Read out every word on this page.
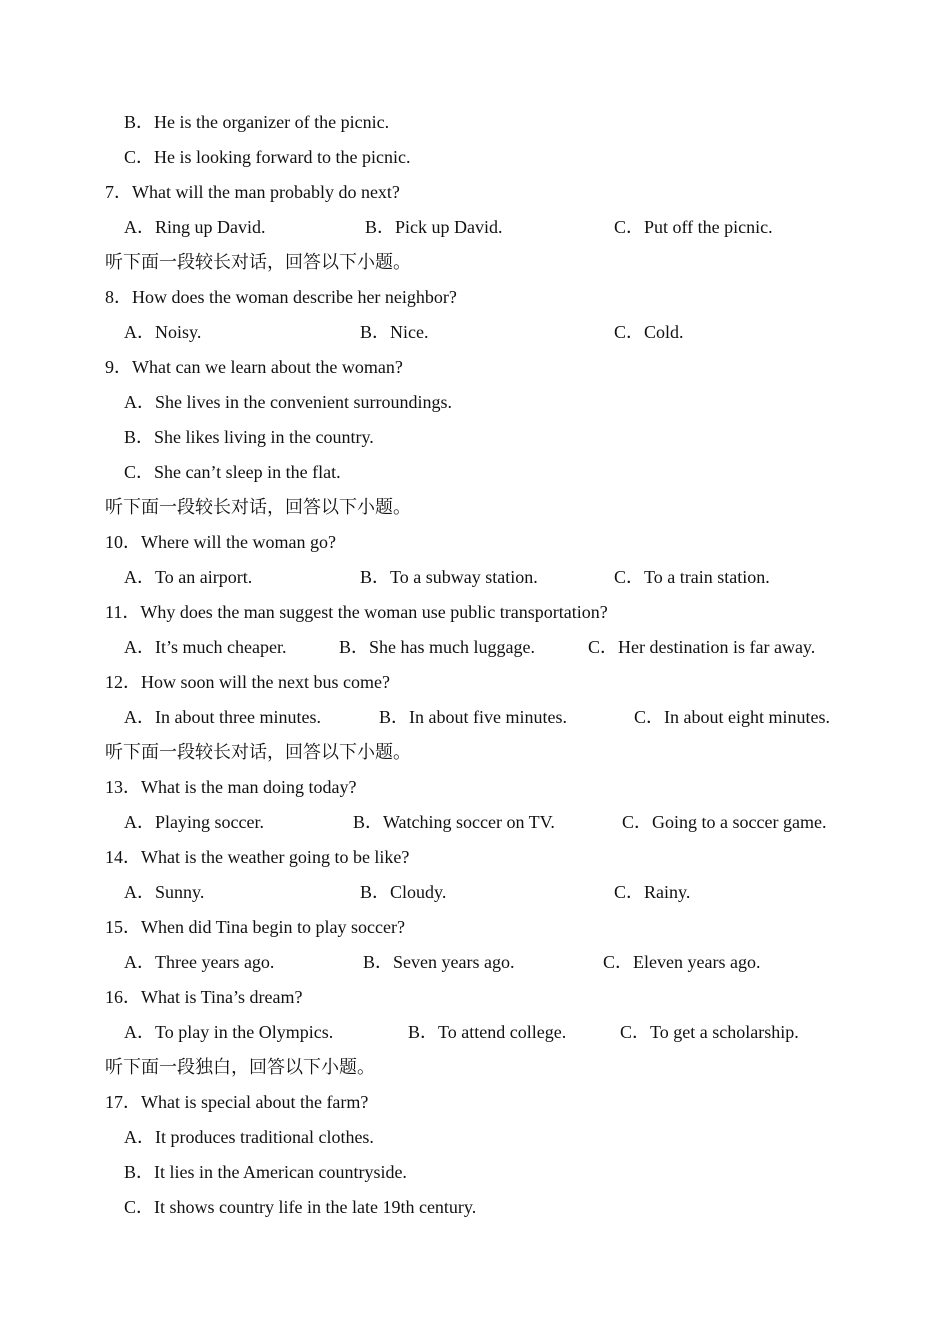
B．He is the organizer of the picnic.

C．He is looking forward to the picnic.

7．What will the man probably do next?

A．Ring up David.	B．Pick up David.	C．Put off the picnic.

听下面一段较长对话，回答以下小题。

8．How does the woman describe her neighbor?

A．Noisy.	B．Nice.	C．Cold.

9．What can we learn about the woman?

A．She lives in the convenient surroundings.

B．She likes living in the country.

C．She can’t sleep in the flat.

听下面一段较长对话，回答以下小题。

10．Where will the woman go?

A．To an airport.	B．To a subway station.	C．To a train station.

11．Why does the man suggest the woman use public transportation?

A．It’s much cheaper.	B．She has much luggage.	C．Her destination is far away.

12．How soon will the next bus come?

A．In about three minutes.	B．In about five minutes.	C．In about eight minutes.

听下面一段较长对话，回答以下小题。

13．What is the man doing today?

A．Playing soccer.	B．Watching soccer on TV.	C．Going to a soccer game.

14．What is the weather going to be like?

A．Sunny.	B．Cloudy.	C．Rainy.

15．When did Tina begin to play soccer?

A．Three years ago.	B．Seven years ago.	C．Eleven years ago.

16．What is Tina’s dream?

A．To play in the Olympics.	B．To attend college.	C．To get a scholarship.

听下面一段独白，回答以下小题。

17．What is special about the farm?

A．It produces traditional clothes.

B．It lies in the American countryside.

C．It shows country life in the late 19th century.
